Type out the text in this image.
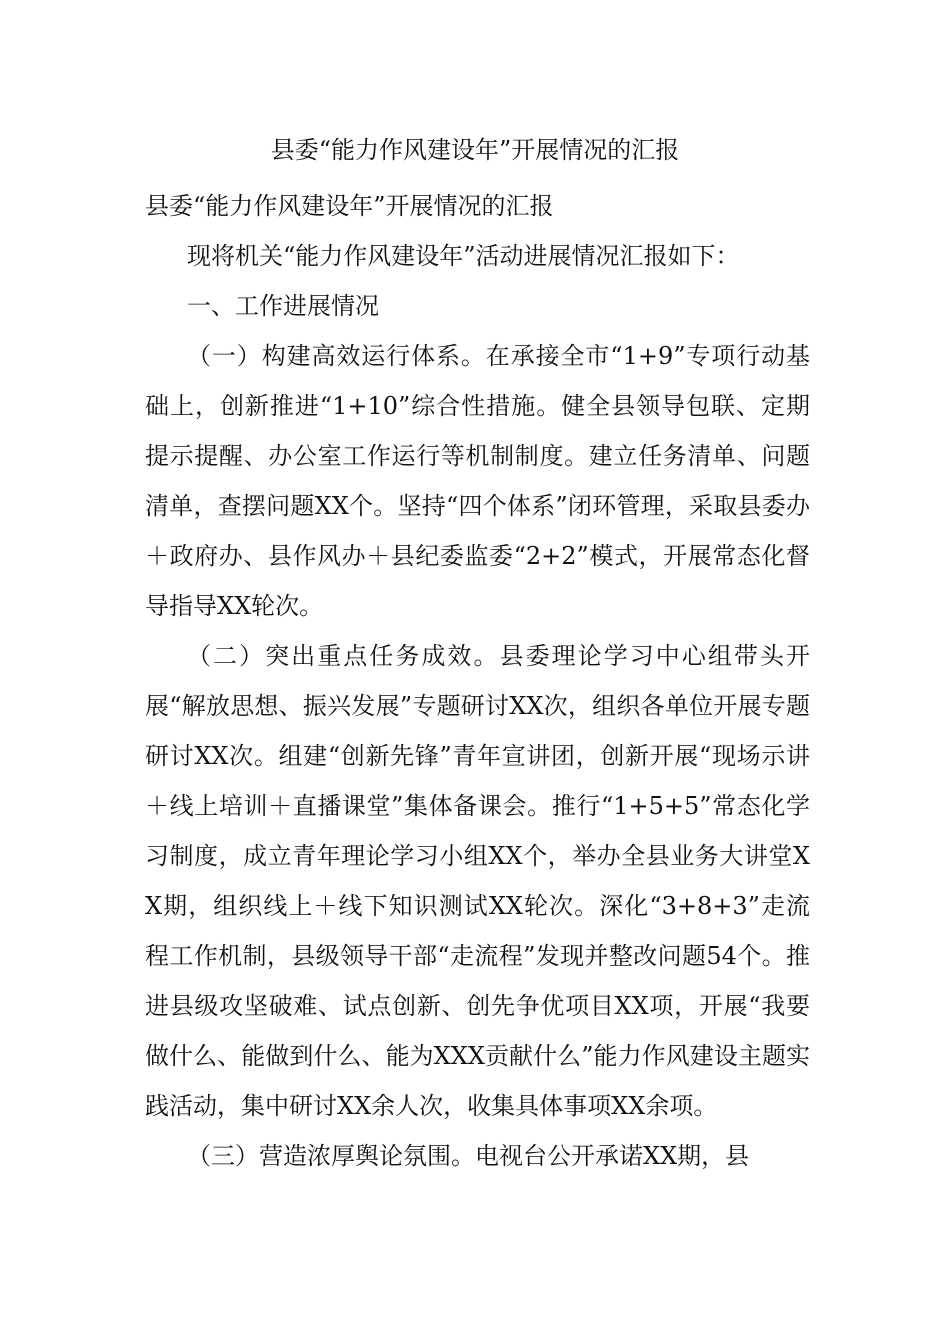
县委“能力作风建设年”开展情况的汇报

县委“能力作风建设年”开展情况的汇报

现将机关“能力作风建设年”活动进展情况汇报如下：

一、工作进展情况

（一）构建高效运行体系。在承接全市“1+9”专项行动基础上，创新推进“1+10”综合性措施。健全县领导包联、定期提示提醒、办公室工作运行等机制制度。建立任务清单、问题清单，查摆问题XX个。坚持“四个体系”闭环管理，采取县委办＋政府办、县作风办＋县纪委监委“2+2”模式，开展常态化督导指导XX轮次。

（二）突出重点任务成效。县委理论学习中心组带头开展“解放思想、振兴发展”专题研讨XX次，组织各单位开展专题研讨XX次。组建“创新先锋”青年宣讲团，创新开展“现场示讲＋线上培训＋直播课堂”集体备课会。推行“1+5+5”常态化学习制度，成立青年理论学习小组XX个，举办全县业务大讲堂XX期，组织线上＋线下知识测试XX轮次。深化“3+8+3”走流程工作机制，县级领导干部“走流程”发现并整改问题54个。推进县级攻坚破难、试点创新、创先争优项目XX项，开展“我要做什么、能做到什么、能为XXX贡献什么”能力作风建设主题实践活动，集中研讨XX余人次，收集具体事项XX余项。

（三）营造浓厚舆论氛围。电视台公开承诺XX期，县
